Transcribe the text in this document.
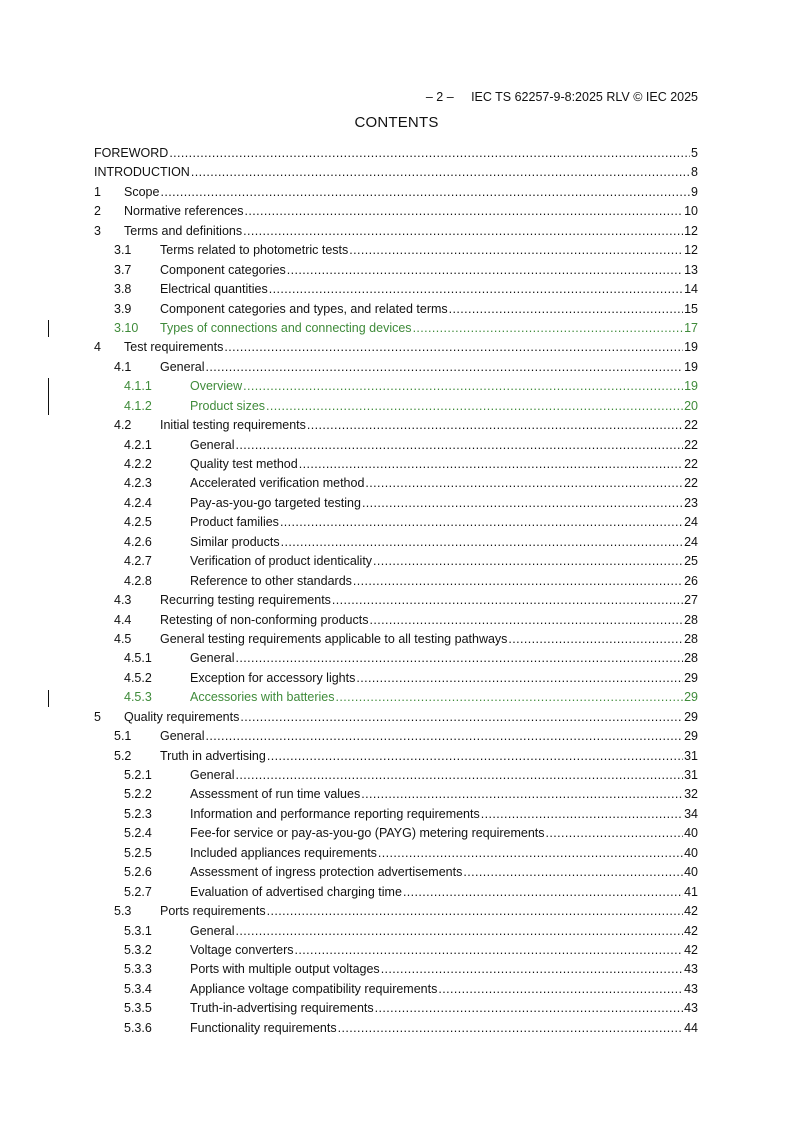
– 2 – IEC TS 62257-9-8:2025 RLV © IEC 2025

CONTENTS
FOREWORD .....	5
INTRODUCTION .....	8
1	Scope .....	9
2	Normative references .....	10
3	Terms and definitions .....	12
3.1	Terms related to photometric tests .....	12
3.7	Component categories .....	13
3.8	Electrical quantities .....	14
3.9	Component categories and types, and related terms .....	15
3.10	Types of connections and connecting devices .....	17
4	Test requirements .....	19
4.1	General .....	19
4.1.1	Overview .....	19
4.1.2	Product sizes .....	20
4.2	Initial testing requirements .....	22
4.2.1	General .....	22
4.2.2	Quality test method .....	22
4.2.3	Accelerated verification method .....	22
4.2.4	Pay-as-you-go targeted testing .....	23
4.2.5	Product families .....	24
4.2.6	Similar products .....	24
4.2.7	Verification of product identicality .....	25
4.2.8	Reference to other standards .....	26
4.3	Recurring testing requirements .....	27
4.4	Retesting of non-conforming products .....	28
4.5	General testing requirements applicable to all testing pathways .....	28
4.5.1	General .....	28
4.5.2	Exception for accessory lights .....	29
4.5.3	Accessories with batteries .....	29
5	Quality requirements .....	29
5.1	General .....	29
5.2	Truth in advertising .....	31
5.2.1	General .....	31
5.2.2	Assessment of run time values .....	32
5.2.3	Information and performance reporting requirements .....	34
5.2.4	Fee-for service or pay-as-you-go (PAYG) metering requirements .....	40
5.2.5	Included appliances requirements .....	40
5.2.6	Assessment of ingress protection advertisements .....	40
5.2.7	Evaluation of advertised charging time .....	41
5.3	Ports requirements .....	42
5.3.1	General .....	42
5.3.2	Voltage converters .....	42
5.3.3	Ports with multiple output voltages .....	43
5.3.4	Appliance voltage compatibility requirements .....	43
5.3.5	Truth-in-advertising requirements .....	43
5.3.6	Functionality requirements .....	44
